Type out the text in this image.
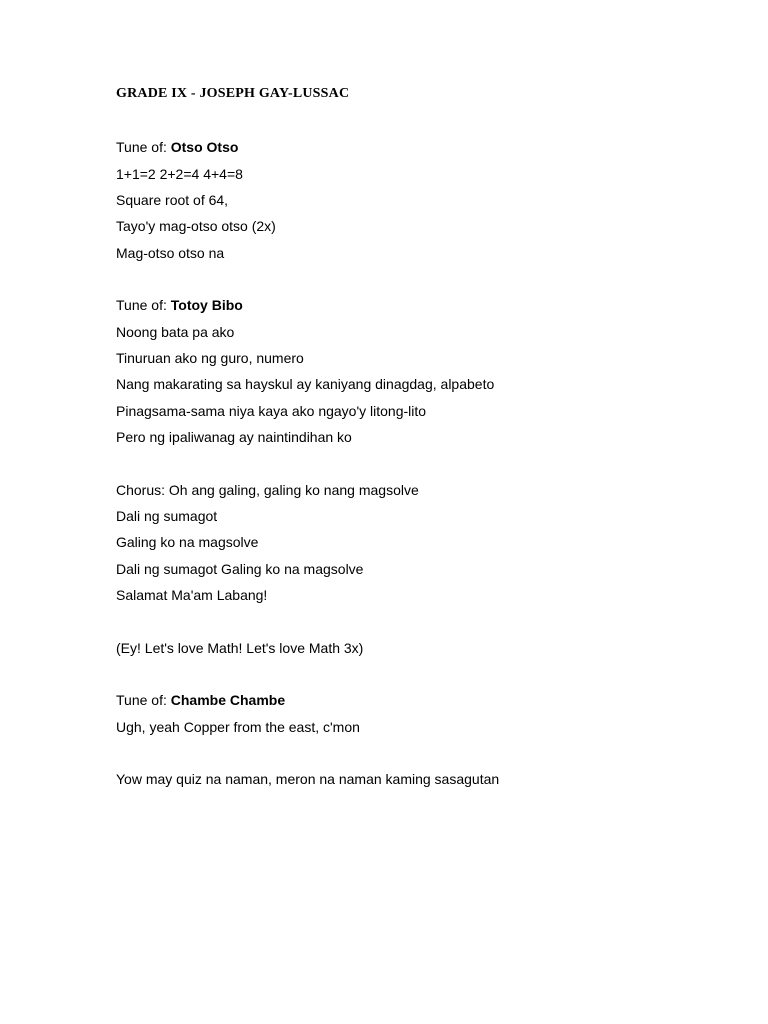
GRADE IX - JOSEPH GAY-LUSSAC
Tune of: Otso Otso
1+1=2 2+2=4 4+4=8
Square root of 64,
Tayo'y mag-otso otso (2x)
Mag-otso otso na
Tune of: Totoy Bibo
Noong bata pa ako
Tinuruan ako ng guro, numero
Nang makarating sa hayskul ay kaniyang dinagdag, alpabeto
Pinagsama-sama niya kaya ako ngayo'y litong-lito
Pero ng ipaliwanag ay naintindihan ko
Chorus: Oh ang galing, galing ko nang magsolve
Dali ng sumagot
Galing ko na magsolve
Dali ng sumagot Galing ko na magsolve
Salamat Ma'am Labang!
(Ey! Let's love Math! Let's love Math 3x)
Tune of: Chambe Chambe
Ugh, yeah Copper from the east, c'mon
Yow may quiz na naman, meron na naman kaming sasagutan
